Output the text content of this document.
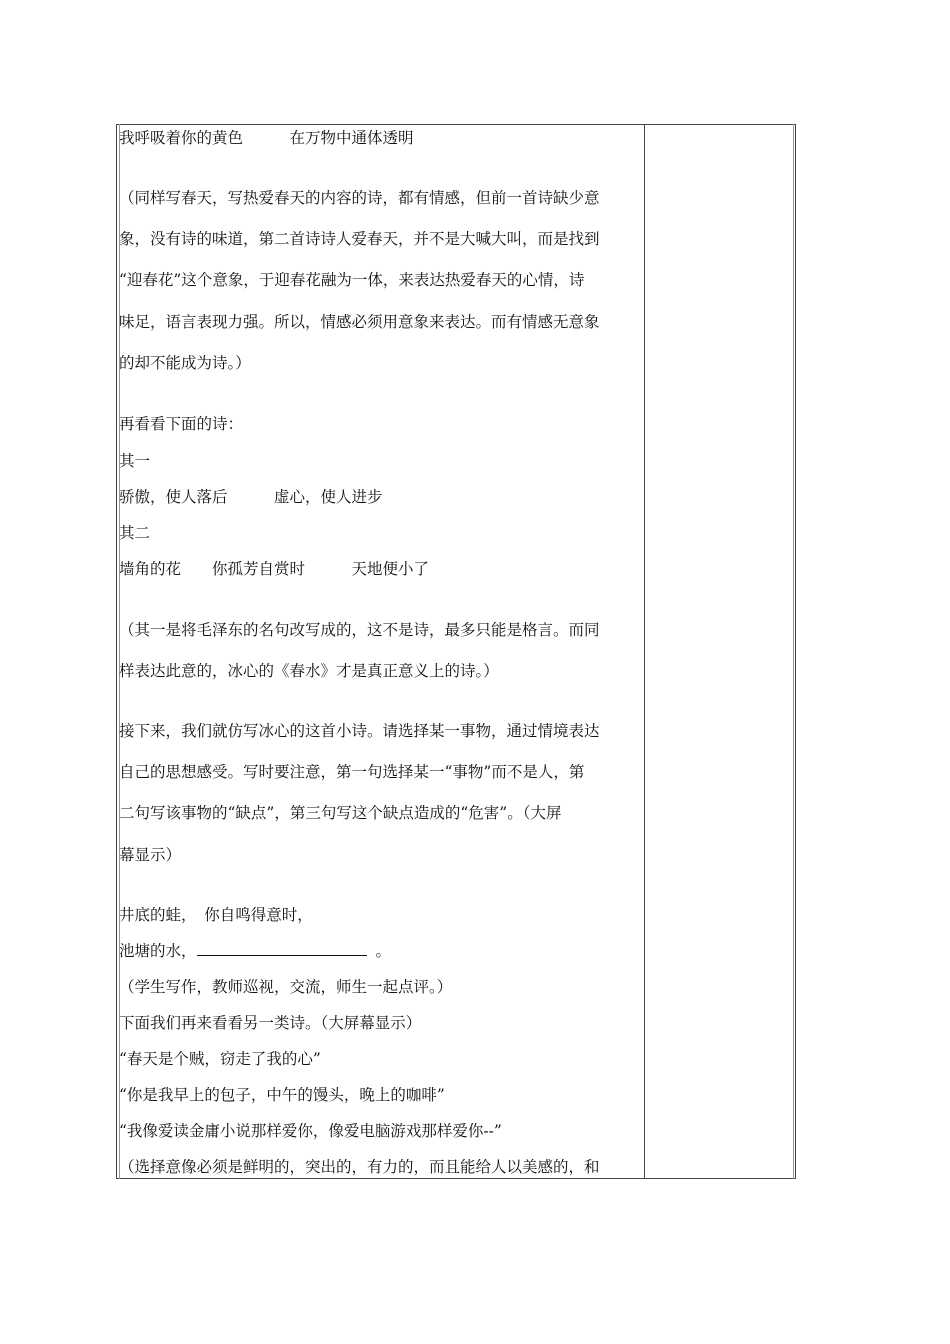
我呼吸着你的黄色　　　在万物中通体透明
（同样写春天，写热爱春天的内容的诗，都有情感，但前一首诗缺少意
象，没有诗的味道，第二首诗诗人爱春天，并不是大喊大叫，而是找到
“迎春花”这个意象，于迎春花融为一体，来表达热爱春天的心情，诗
味足，语言表现力强。所以，情感必须用意象来表达。而有情感无意象
的却不能成为诗。）
再看看下面的诗：
其一
骄傲，使人落后　　　虚心，使人进步
其二
墙角的花　　你孤芳自赏时　　　天地便小了
（其一是将毛泽东的名句改写成的，这不是诗，最多只能是格言。而同
样表达此意的，冰心的《春水》才是真正意义上的诗。）
接下来，我们就仿写冰心的这首小诗。请选择某一事物，通过情境表达
自己的思想感受。写时要注意，第一句选择某一“事物”而不是人，第
二句写该事物的“缺点”，第三句写这个缺点造成的“危害”。（大屏
幕显示）
井底的蛙，　你自鸣得意时，
池塘的水，	。
（学生写作，教师巡视，交流，师生一起点评。）
下面我们再来看看另一类诗。（大屏幕显示）
“春天是个贼，窃走了我的心”
“你是我早上的包子，中午的馒头，晚上的咖啡”
“我像爱读金庸小说那样爱你，像爱电脑游戏那样爱你--”
（选择意像必须是鲜明的，突出的，有力的，而且能给人以美感的，和
